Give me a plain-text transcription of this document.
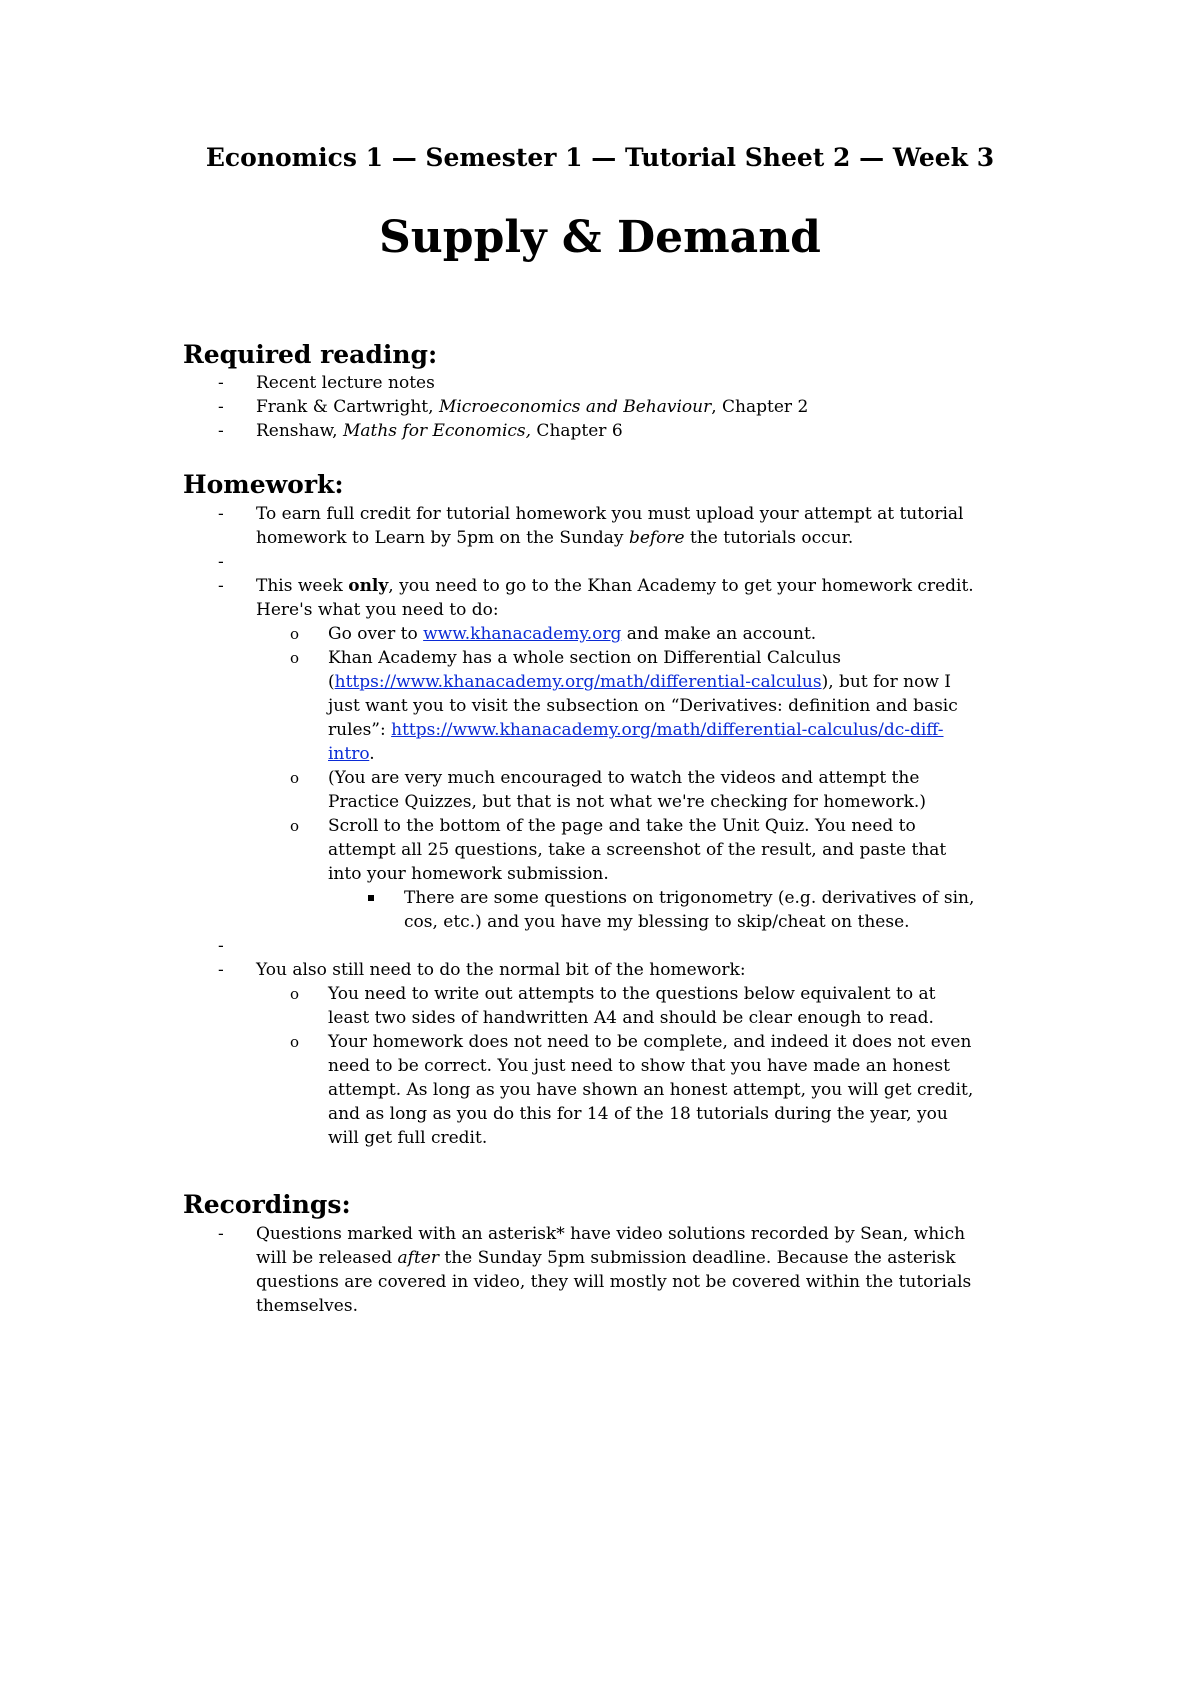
Economics 1 — Semester 1 — Tutorial Sheet 2 — Week 3
Supply & Demand
Required reading:
- Recent lecture notes
- Frank & Cartwright, Microeconomics and Behaviour, Chapter 2
- Renshaw, Maths for Economics, Chapter 6
Homework:
- To earn full credit for tutorial homework you must upload your attempt at tutorial homework to Learn by 5pm on the Sunday before the tutorials occur.
-
- This week only, you need to go to the Khan Academy to get your homework credit. Here's what you need to do:
o Go over to www.khanacademy.org and make an account.
o Khan Academy has a whole section on Differential Calculus (https://www.khanacademy.org/math/differential-calculus), but for now I just want you to visit the subsection on “Derivatives: definition and basic rules”: https://www.khanacademy.org/math/differential-calculus/dc-diff-intro.
o (You are very much encouraged to watch the videos and attempt the Practice Quizzes, but that is not what we're checking for homework.)
o Scroll to the bottom of the page and take the Unit Quiz. You need to attempt all 25 questions, take a screenshot of the result, and paste that into your homework submission.
There are some questions on trigonometry (e.g. derivatives of sin, cos, etc.) and you have my blessing to skip/cheat on these.
-
- You also still need to do the normal bit of the homework:
o You need to write out attempts to the questions below equivalent to at least two sides of handwritten A4 and should be clear enough to read.
o Your homework does not need to be complete, and indeed it does not even need to be correct. You just need to show that you have made an honest attempt. As long as you have shown an honest attempt, you will get credit, and as long as you do this for 14 of the 18 tutorials during the year, you will get full credit.
Recordings:
- Questions marked with an asterisk* have video solutions recorded by Sean, which will be released after the Sunday 5pm submission deadline. Because the asterisk questions are covered in video, they will mostly not be covered within the tutorials themselves.
